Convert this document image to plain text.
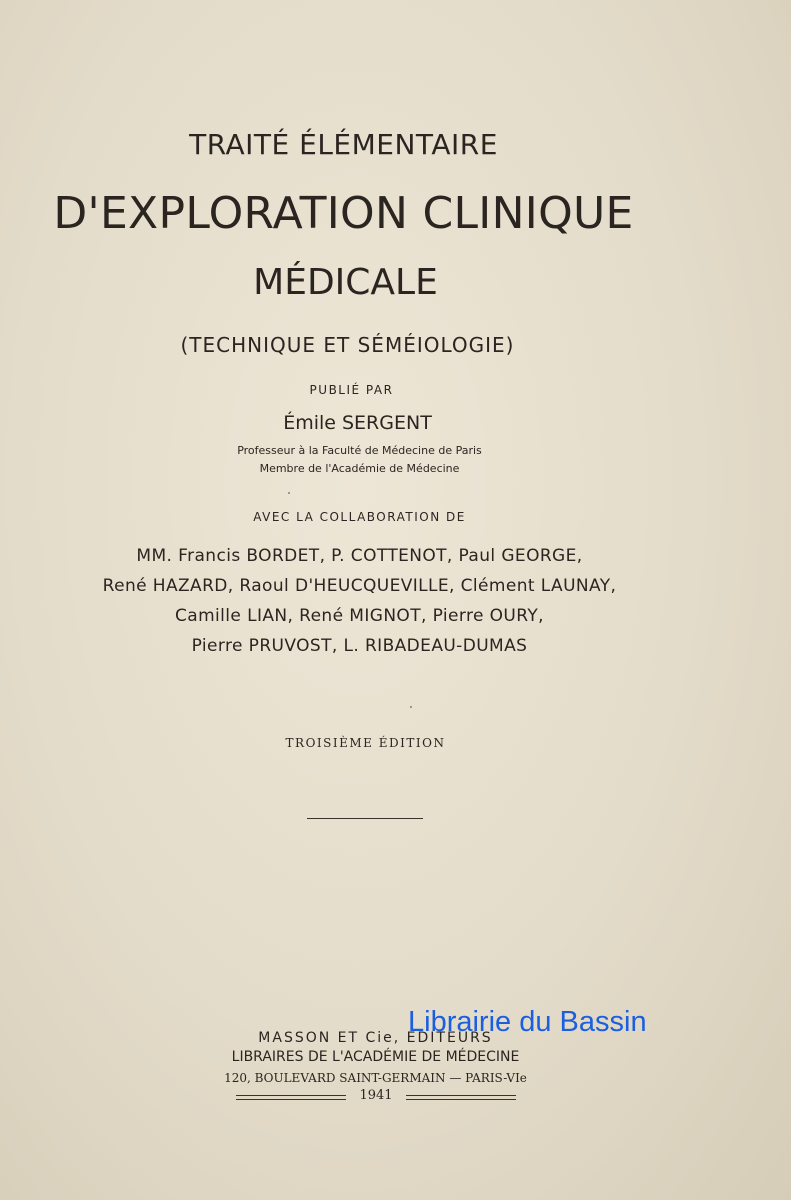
TRAITÉ ÉLÉMENTAIRE
D'EXPLORATION CLINIQUE
MÉDICALE
(TECHNIQUE ET SÉMÉIOLOGIE)
PUBLIÉ PAR
Émile SERGENT
Professeur à la Faculté de Médecine de Paris
Membre de l'Académie de Médecine
AVEC LA COLLABORATION DE
MM. Francis BORDET, P. COTTENOT, Paul GEORGE,
René HAZARD, Raoul D'HEUCQUEVILLE, Clément LAUNAY,
Camille LIAN, René MIGNOT, Pierre OURY,
Pierre PRUVOST, L. RIBADEAU-DUMAS
TROISIÈME ÉDITION
MASSON ET Cie, ÉDITEURS
LIBRAIRES DE L'ACADÉMIE DE MÉDECINE
120, BOULEVARD SAINT-GERMAIN — PARIS-VIe
1941
Librairie du Bassin
